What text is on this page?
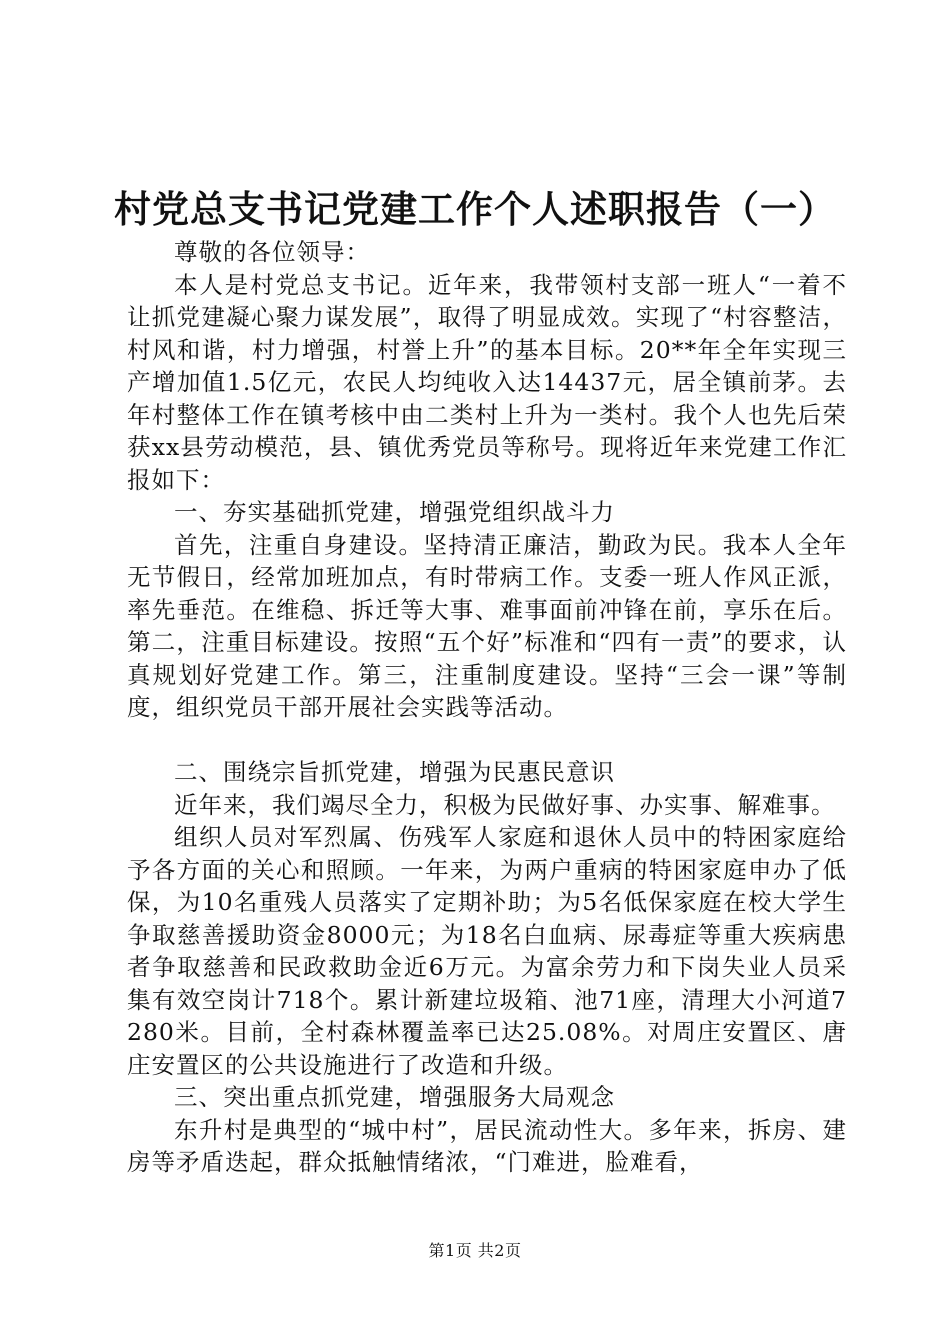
村党总支书记党建工作个人述职报告（一）

尊敬的各位领导：

本人是村党总支书记。近年来，我带领村支部一班人“一着不让抓党建凝心聚力谋发展”，取得了明显成效。实现了“村容整洁，村风和谐，村力增强，村誉上升”的基本目标。20**年全年实现三产增加值1.5亿元，农民人均纯收入达14437元，居全镇前茅。去年村整体工作在镇考核中由二类村上升为一类村。我个人也先后荣获xx县劳动模范，县、镇优秀党员等称号。现将近年来党建工作汇报如下：

一、夯实基础抓党建，增强党组织战斗力

首先，注重自身建设。坚持清正廉洁，勤政为民。我本人全年无节假日，经常加班加点，有时带病工作。支委一班人作风正派，率先垂范。在维稳、拆迁等大事、难事面前冲锋在前，享乐在后。第二，注重目标建设。按照“五个好”标准和“四有一责”的要求，认真规划好党建工作。第三，注重制度建设。坚持“三会一课”等制度，组织党员干部开展社会实践等活动。

二、围绕宗旨抓党建，增强为民惠民意识

近年来，我们竭尽全力，积极为民做好事、办实事、解难事。

组织人员对军烈属、伤残军人家庭和退休人员中的特困家庭给予各方面的关心和照顾。一年来，为两户重病的特困家庭申办了低保，为10名重残人员落实了定期补助；为5名低保家庭在校大学生争取慈善援助资金8000元；为18名白血病、尿毒症等重大疾病患者争取慈善和民政救助金近6万元。为富余劳力和下岗失业人员采集有效空岗计718个。累计新建垃圾箱、池71座，清理大小河道7280米。目前，全村森林覆盖率已达25.08%。对周庄安置区、唐庄安置区的公共设施进行了改造和升级。

三、突出重点抓党建，增强服务大局观念

东升村是典型的“城中村”，居民流动性大。多年来，拆房、建房等矛盾迭起，群众抵触情绪浓，“门难进，脸难看，

第1页 共2页
